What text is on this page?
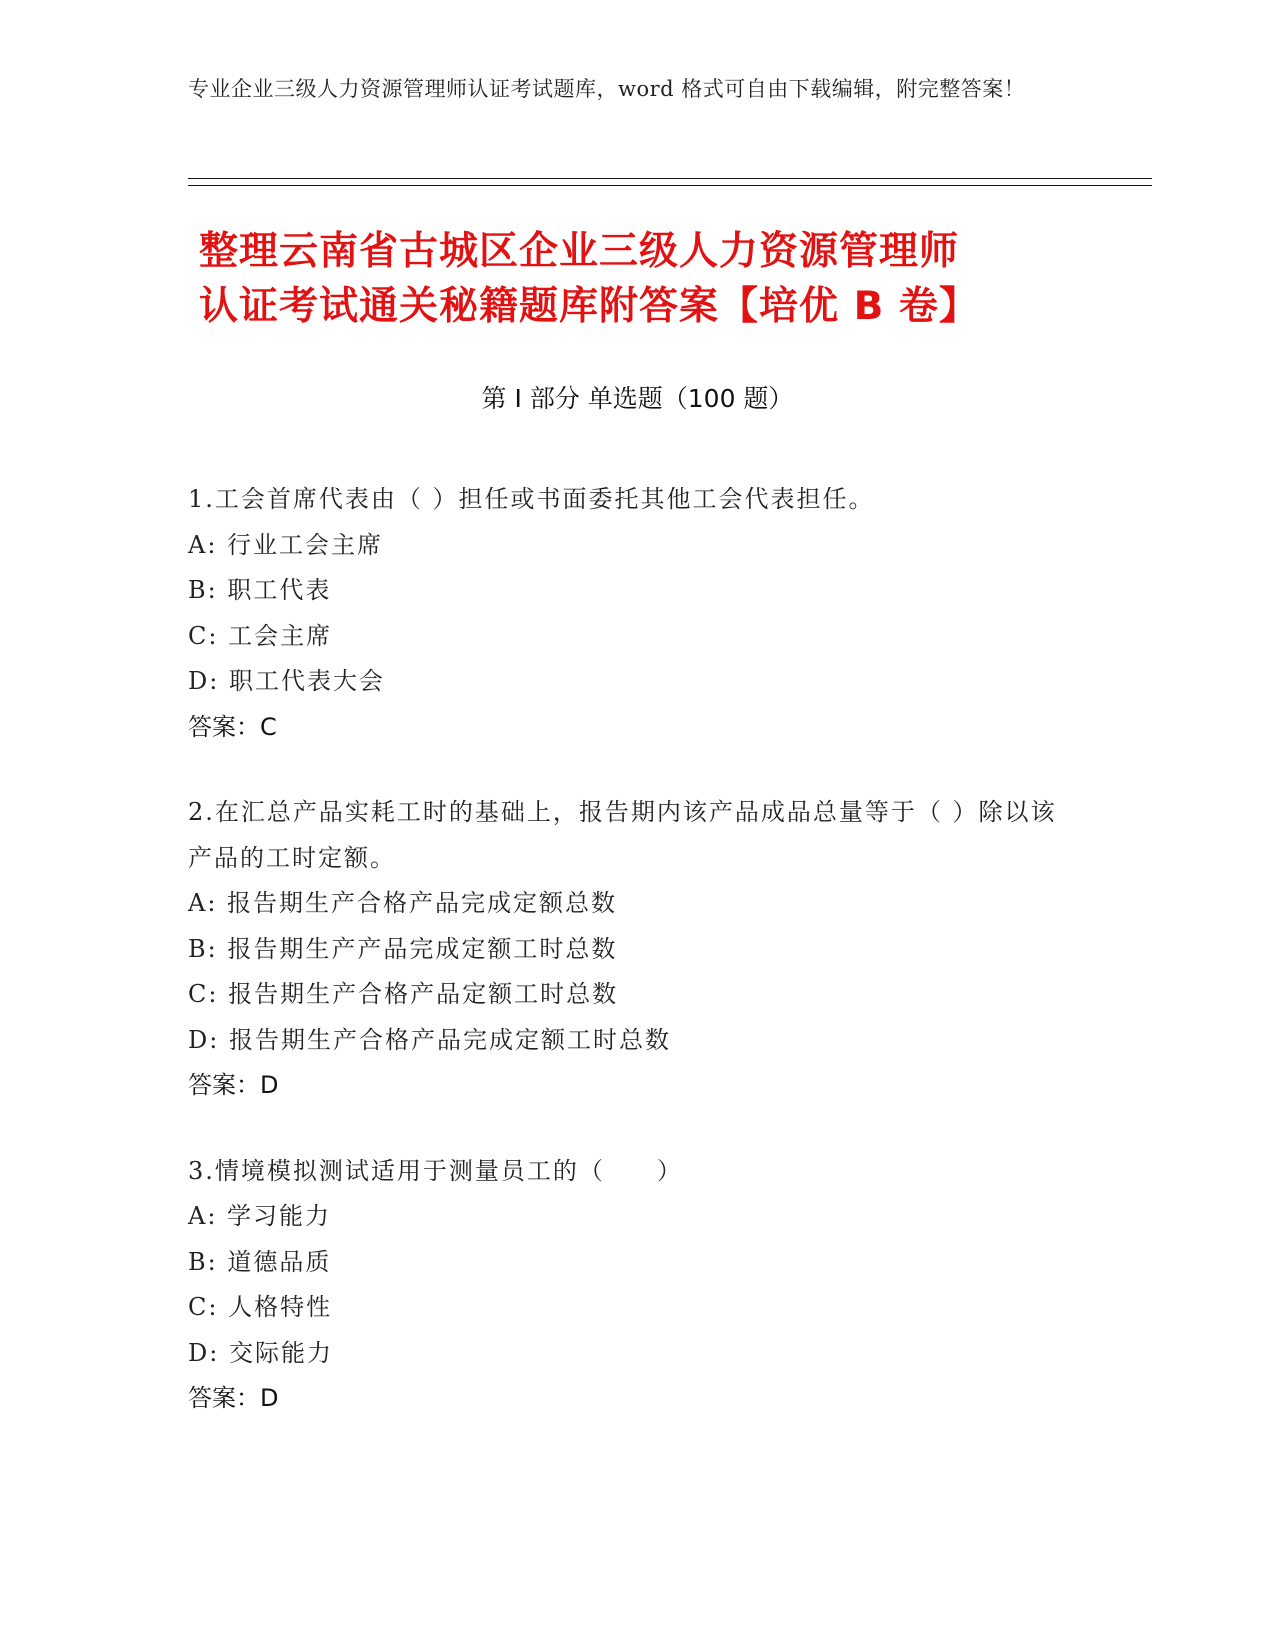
专业企业三级人力资源管理师认证考试题库，word 格式可自由下载编辑，附完整答案！
整理云南省古城区企业三级人力资源管理师
认证考试通关秘籍题库附答案【培优 B 卷】
第 I 部分 单选题（100 题）
1.工会首席代表由（ ）担任或书面委托其他工会代表担任。
A: 行业工会主席
B: 职工代表
C: 工会主席
D: 职工代表大会
答案：C
2.在汇总产品实耗工时的基础上，报告期内该产品成品总量等于（ ）除以该产品的工时定额。
A: 报告期生产合格产品完成定额总数
B: 报告期生产产品完成定额工时总数
C: 报告期生产合格产品定额工时总数
D: 报告期生产合格产品完成定额工时总数
答案：D
3.情境模拟测试适用于测量员工的（　　）
A: 学习能力
B: 道德品质
C: 人格特性
D: 交际能力
答案：D
